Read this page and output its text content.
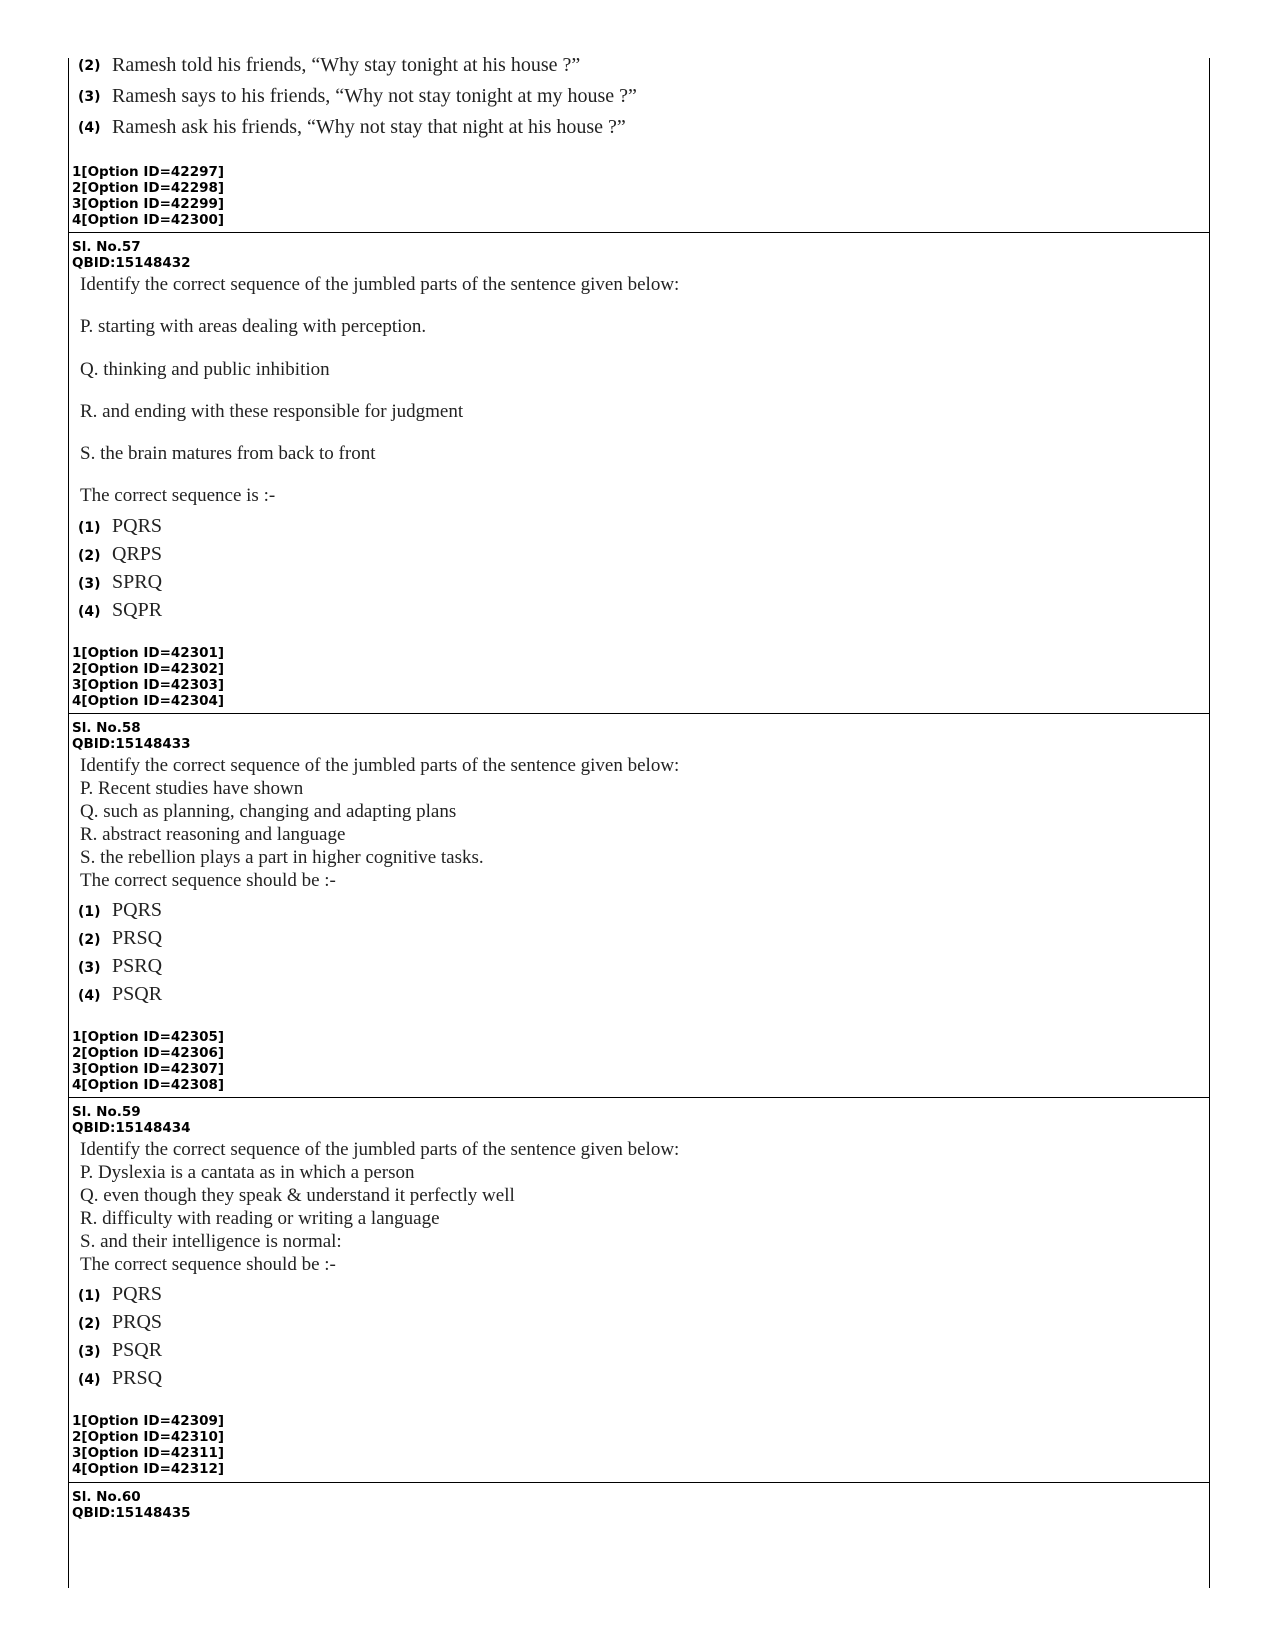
(2) Ramesh told his friends, “Why stay tonight at his house ?”
(3) Ramesh says to his friends, “Why not stay tonight at my house ?”
(4) Ramesh ask his friends, “Why not stay that night at his house ?”
1[Option ID=42297]
2[Option ID=42298]
3[Option ID=42299]
4[Option ID=42300]
Sl. No.57
QBID:15148432
Identify the correct sequence of the jumbled parts of the sentence given below:
P. starting with areas dealing with perception.
Q. thinking and public inhibition
R. and ending with these responsible for judgment
S. the brain matures from back to front
The correct sequence is :-
(1) PQRS
(2) QRPS
(3) SPRQ
(4) SQPR
1[Option ID=42301]
2[Option ID=42302]
3[Option ID=42303]
4[Option ID=42304]
Sl. No.58
QBID:15148433
Identify the correct sequence of the jumbled parts of the sentence given below:
P. Recent studies have shown
Q. such as planning, changing and adapting plans
R. abstract reasoning and language
S. the rebellion plays a part in higher cognitive tasks.
The correct sequence should be :-
(1) PQRS
(2) PRSQ
(3) PSRQ
(4) PSQR
1[Option ID=42305]
2[Option ID=42306]
3[Option ID=42307]
4[Option ID=42308]
Sl. No.59
QBID:15148434
Identify the correct sequence of the jumbled parts of the sentence given below:
P. Dyslexia is a cantata as in which a person
Q. even though they speak & understand it perfectly well
R. difficulty with reading or writing a language
S. and their intelligence is normal:
The correct sequence should be :-
(1) PQRS
(2) PRQS
(3) PSQR
(4) PRSQ
1[Option ID=42309]
2[Option ID=42310]
3[Option ID=42311]
4[Option ID=42312]
Sl. No.60
QBID:15148435
